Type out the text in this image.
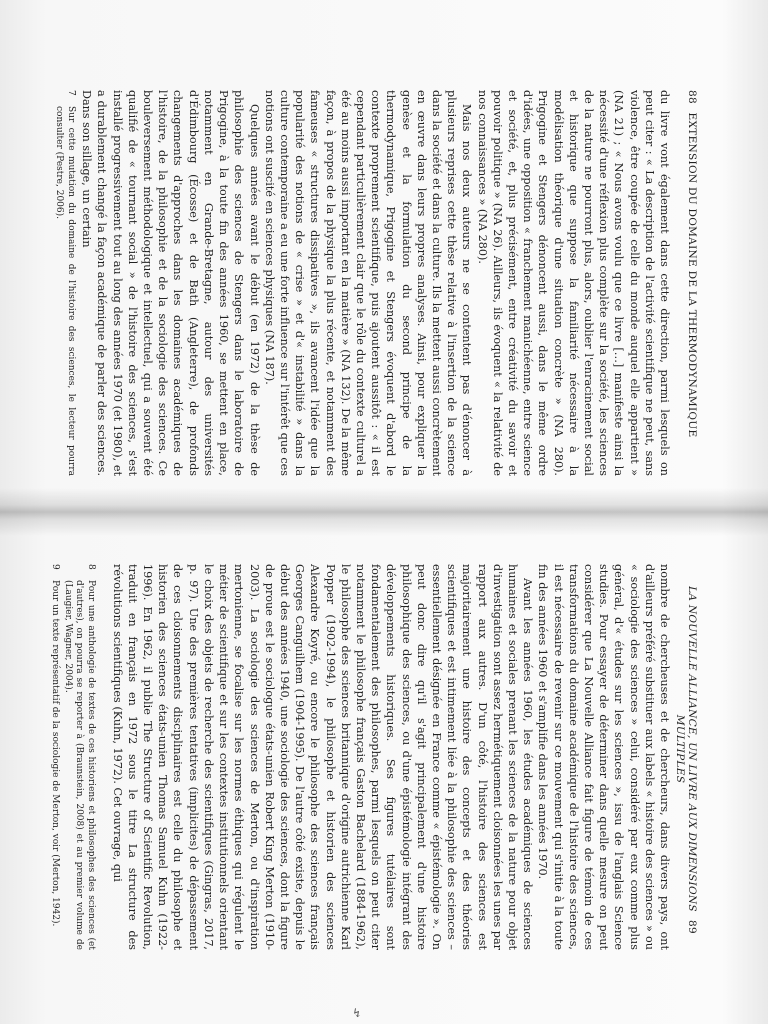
88
EXTENSION DU DOMAINE DE LA THERMODYNAMIQUE

du livre vont également dans cette direction, parmi lesquels on peut citer : « La description de l'activité scientifique ne peut, sans violence, être coupée de celle du monde auquel elle appartient » (NA 21) ; « Nous avons voulu que ce livre […] manifeste ainsi la nécessité d'une réflexion plus complète sur la société, les sciences de la nature ne pourront plus, alors, oublier l'enracinement social et historique que suppose la familiarité nécessaire à la modélisation théorique d'une situation concrète » (NA 280). Prigogine et Stengers dénoncent aussi, dans le même ordre d'idées, une opposition « franchement manichéenne, entre science et société, et, plus précisément, entre créativité du savoir et pouvoir politique » (NA 26). Ailleurs, ils évoquent « la relativité de nos connaissances » (NA 280).

Mais nos deux auteurs ne se contentent pas d'énoncer à plusieurs reprises cette thèse relative à l'insertion de la science dans la société et dans la culture. Ils la mettent aussi concrètement en œuvre dans leurs propres analyses. Ainsi, pour expliquer la genèse et la formulation du second principe de la thermodynamique, Prigogine et Stengers évoquent d'abord le contexte proprement scientifique, puis ajoutent aussitôt : « il est cependant particulièrement clair que le rôle du contexte culturel a été au moins aussi important en la matière » (NA 132). De la même façon, à propos de la physique la plus récente, et notamment des fameuses « structures dissipatives », ils avancent l'idée que la popularité des notions de « crise » et d'« instabilité » dans la culture contemporaine a eu une forte influence sur l'intérêt que ces notions ont suscité en sciences physiques (NA 187).

Quelques années avant le début (en 1972) de la thèse de philosophie des sciences de Stengers dans le laboratoire de Prigogine, à la toute fin des années 1960, se mettent en place, notamment en Grande-Bretagne, autour des universités d'Édimbourg (Écosse) et de Bath (Angleterre), de profonds changements d'approches dans les domaines académiques de l'histoire, de la philosophie et de la sociologie des sciences. Ce bouleversement méthodologique et intellectuel, qui a souvent été qualifié de « tournant social » de l'histoire des sciences, s'est installé progressivement tout au long des années 1970 (et 1980), et a durablement changé la façon académique de parler des sciences. Dans son sillage, un certain

7
Sur cette mutation du domaine de l'histoire des sciences, le lecteur pourra consulter (Pestre, 2006).
LA NOUVELLE ALLIANCE, UN LIVRE AUX DIMENSIONS MULTIPLES
89

nombre de chercheuses et de chercheurs, dans divers pays, ont d'ailleurs préféré substituer aux labels « histoire des sciences » ou « sociologie des sciences » celui, considéré par eux comme plus général, d'« études sur les sciences », issu de l'anglais Science studies. Pour essayer de déterminer dans quelle mesure on peut considérer que La Nouvelle Alliance fait figure de témoin de ces transformations du domaine académique de l'histoire des sciences, il est nécessaire de revenir sur ce mouvement qui s'initie à la toute fin des années 1960 et s'amplifie dans les années 1970.

Avant les années 1960, les études académiques de sciences humaines et sociales prenant les sciences de la nature pour objet d'investigation sont assez hermétiquement cloisonnées les unes par rapport aux autres. D'un côté, l'histoire des sciences est majoritairement une histoire des concepts et des théories scientifiques et est intimement liée à la philosophie des sciences – essentiellement désignée en France comme « épistémologie ». On peut donc dire qu'il s'agit principalement d'une histoire philosophique des sciences, ou d'une épistémologie intégrant des développements historiques. Ses figures tutélaires sont fondamentalement des philosophes, parmi lesquels on peut citer notamment le philosophe français Gaston Bachelard (1884-1962), le philosophe des sciences britannique d'origine autrichienne Karl Popper (1902-1994), le philosophe et historien des sciences Alexandre Koyré, ou encore le philosophe des sciences français Georges Canguilhem (1904-1995). De l'autre côté existe, depuis le début des années 1940, une sociologie des sciences, dont la figure de proue est le sociologue états-unien Robert King Merton (1910-2003). La sociologie des sciences de Merton, ou d'inspiration mertonienne, se focalise sur les normes éthiques qui régulent le métier de scientifique et sur les contextes institutionnels orientant le choix des objets de recherche des scientifiques (Gingras, 2017, p. 97). Une des premières tentatives (implicites) de dépassement de ces cloisonnements disciplinaires est celle du philosophe et historien des sciences états-unien Thomas Samuel Kuhn (1922-1996). En 1962, il publie The Structure of Scientific Revolution, traduit en français en 1972 sous le titre La structure des révolutions scientifiques (Kuhn, 1972). Cet ouvrage, qui

8
Pour une anthologie de textes de ces historiens et philosophes des sciences (et d'autres), on pourra se reporter à (Braunstein, 2008) et au premier volume de (Laugier, Wagner, 2004).
9
Pour un texte représentatif de la sociologie de Merton, voir (Merton, 1942).
↯
